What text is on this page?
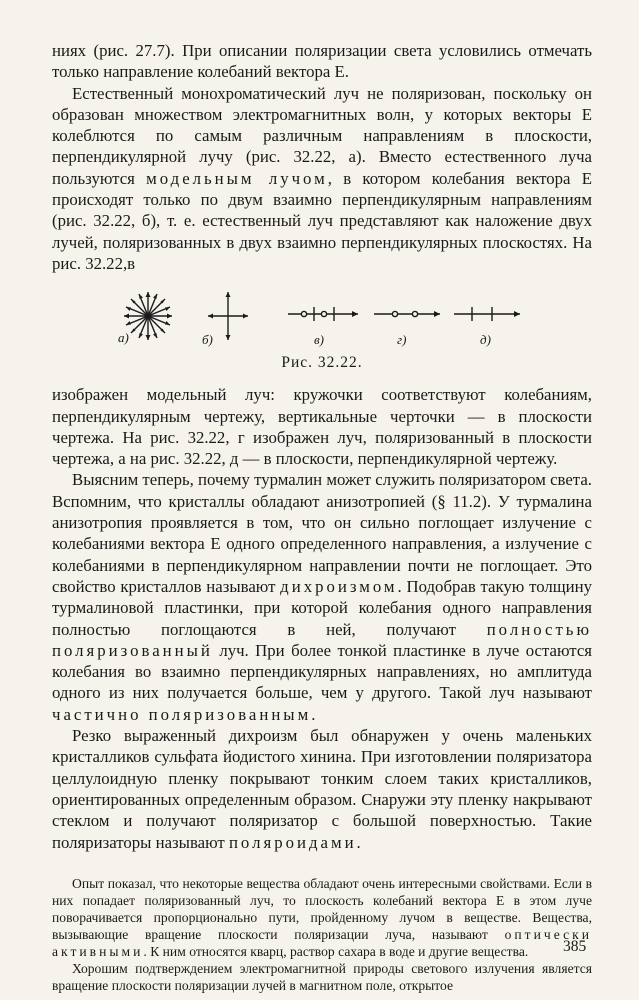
ниях (рис. 27.7). При описании поляризации света условились отмечать только направление колебаний вектора E.

Естественный монохроматический луч не поляризован, поскольку он образован множеством электромагнитных волн, у которых векторы E колеблются по самым различным направлениям в плоскости, перпендикулярной лучу (рис. 32.22, а). Вместо естественного луча пользуются модельным лучом, в котором колебания вектора E происходят только по двум взаимно перпендикулярным направлениям (рис. 32.22, б), т. е. естественный луч представляют как наложение двух лучей, поляризованных в двух взаимно перпендикулярных плоскостях. На рис. 32.22,в

а)	б)	в)	г)	д)
Рис. 32.22.

изображен модельный луч: кружочки соответствуют колебаниям, перпендикулярным чертежу, вертикальные черточки — в плоскости чертежа. На рис. 32.22, г изображен луч, поляризованный в плоскости чертежа, а на рис. 32.22, д — в плоскости, перпендикулярной чертежу.

Выясним теперь, почему турмалин может служить поляризатором света. Вспомним, что кристаллы обладают анизотропией (§ 11.2). У турмалина анизотропия проявляется в том, что он сильно поглощает излучение с колебаниями вектора E одного определенного направления, а излучение с колебаниями в перпендикулярном направлении почти не поглощает. Это свойство кристаллов называют дихроизмом. Подобрав такую толщину турмалиновой пластинки, при которой колебания одного направления полностью поглощаются в ней, получают полностью поляризованный луч. При более тонкой пластинке в луче остаются колебания во взаимно перпендикулярных направлениях, но амплитуда одного из них получается больше, чем у другого. Такой луч называют частично поляризованным.

Резко выраженный дихроизм был обнаружен у очень маленьких кристалликов сульфата йодистого хинина. При изготовлении поляризатора целлулоидную пленку покрывают тонким слоем таких кристалликов, ориентированных определенным образом. Снаружи эту пленку накрывают стеклом и получают поляризатор с большой поверхностью. Такие поляризаторы называют поляроидами.

Опыт показал, что некоторые вещества обладают очень интересными свойствами. Если в них попадает поляризованный луч, то плоскость колебаний вектора E в этом луче поворачивается пропорционально пути, пройденному лучом в веществе. Вещества, вызывающие вращение плоскости поляризации луча, называют оптически активными. К ним относятся кварц, раствор сахара в воде и другие вещества.

Хорошим подтверждением электромагнитной природы светового излучения является вращение плоскости поляризации лучей в магнитном поле, открытое

385
